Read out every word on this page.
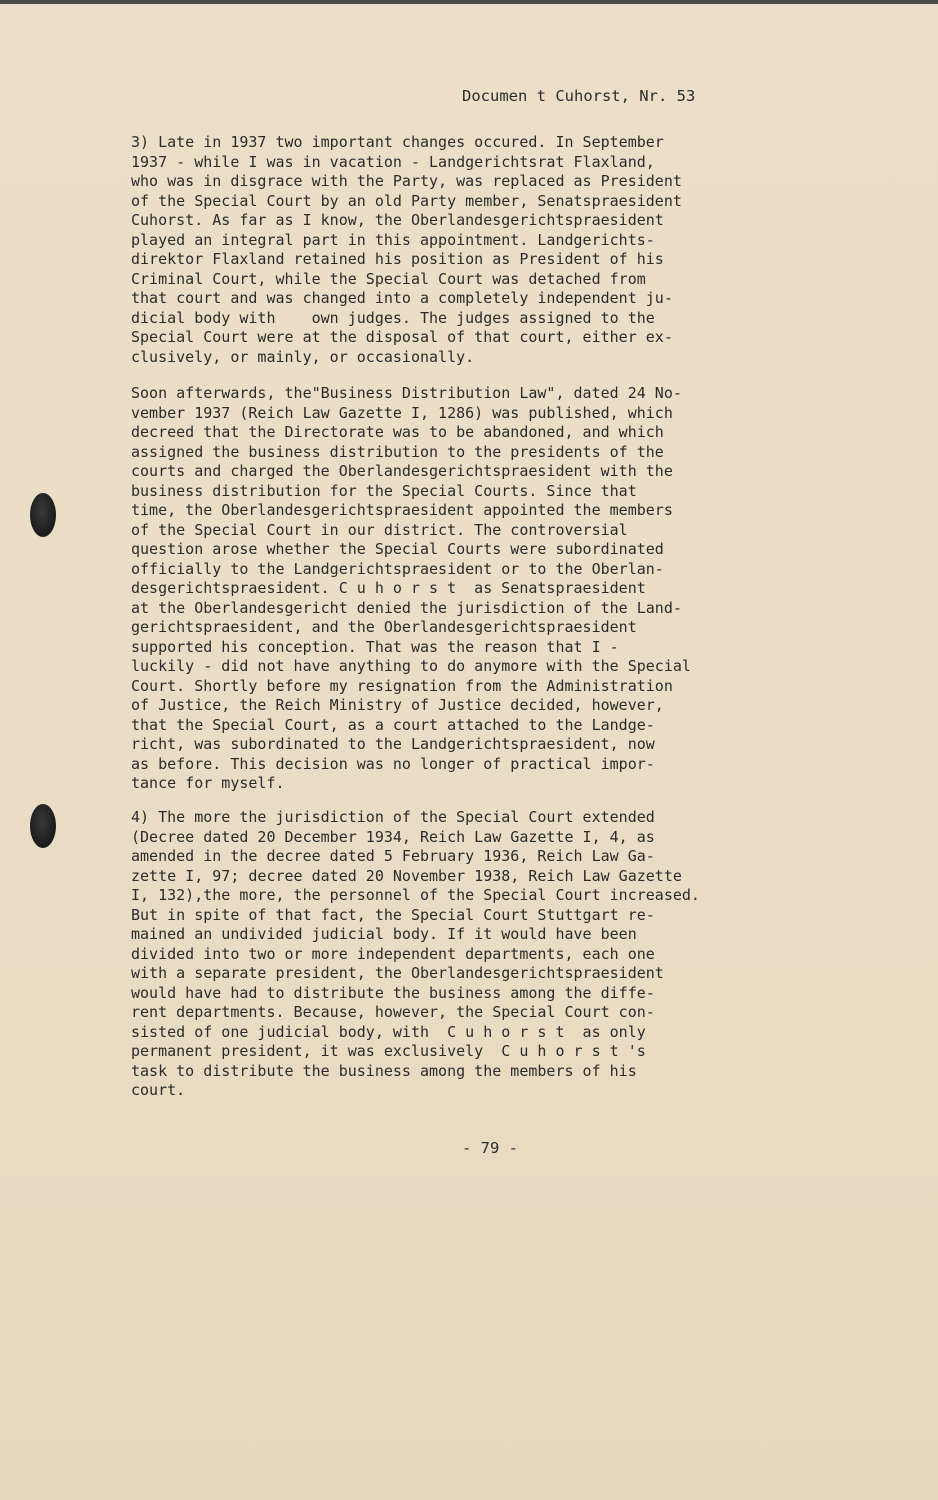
Documen t Cuhorst, Nr. 53

3) Late in 1937 two important changes occured. In September
1937 - while I was in vacation - Landgerichtsrat Flaxland,
who was in disgrace with the Party, was replaced as President
of the Special Court by an old Party member, Senatspraesident
Cuhorst. As far as I know, the Oberlandesgerichtspraesident
played an integral part in this appointment. Landgerichts-
direktor Flaxland retained his position as President of his
Criminal Court, while the Special Court was detached from
that court and was changed into a completely independent ju-
dicial body with    own judges. The judges assigned to the
Special Court were at the disposal of that court, either ex-
clusively, or mainly, or occasionally.

Soon afterwards, the"Business Distribution Law", dated 24 No-
vember 1937 (Reich Law Gazette I, 1286) was published, which
decreed that the Directorate was to be abandoned, and which
assigned the business distribution to the presidents of the
courts and charged the Oberlandesgerichtspraesident with the
business distribution for the Special Courts. Since that
time, the Oberlandesgerichtspraesident appointed the members
of the Special Court in our district. The controversial
question arose whether the Special Courts were subordinated
officially to the Landgerichtspraesident or to the Oberlan-
desgerichtspraesident. C u h o r s t  as Senatspraesident
at the Oberlandesgericht denied the jurisdiction of the Land-
gerichtspraesident, and the Oberlandesgerichtspraesident
supported his conception. That was the reason that I -
luckily - did not have anything to do anymore with the Special
Court. Shortly before my resignation from the Administration
of Justice, the Reich Ministry of Justice decided, however,
that the Special Court, as a court attached to the Landge-
richt, was subordinated to the Landgerichtspraesident, now
as before. This decision was no longer of practical impor-
tance for myself.

4) The more the jurisdiction of the Special Court extended
(Decree dated 20 December 1934, Reich Law Gazette I, 4, as
amended in the decree dated 5 February 1936, Reich Law Ga-
zette I, 97; decree dated 20 November 1938, Reich Law Gazette
I, 132),the more, the personnel of the Special Court increased.
But in spite of that fact, the Special Court Stuttgart re-
mained an undivided judicial body. If it would have been
divided into two or more independent departments, each one
with a separate president, the Oberlandesgerichtspraesident
would have had to distribute the business among the diffe-
rent departments. Because, however, the Special Court con-
sisted of one judicial body, with  C u h o r s t  as only
permanent president, it was exclusively  C u h o r s t 's
task to distribute the business among the members of his
court.

- 79 -
